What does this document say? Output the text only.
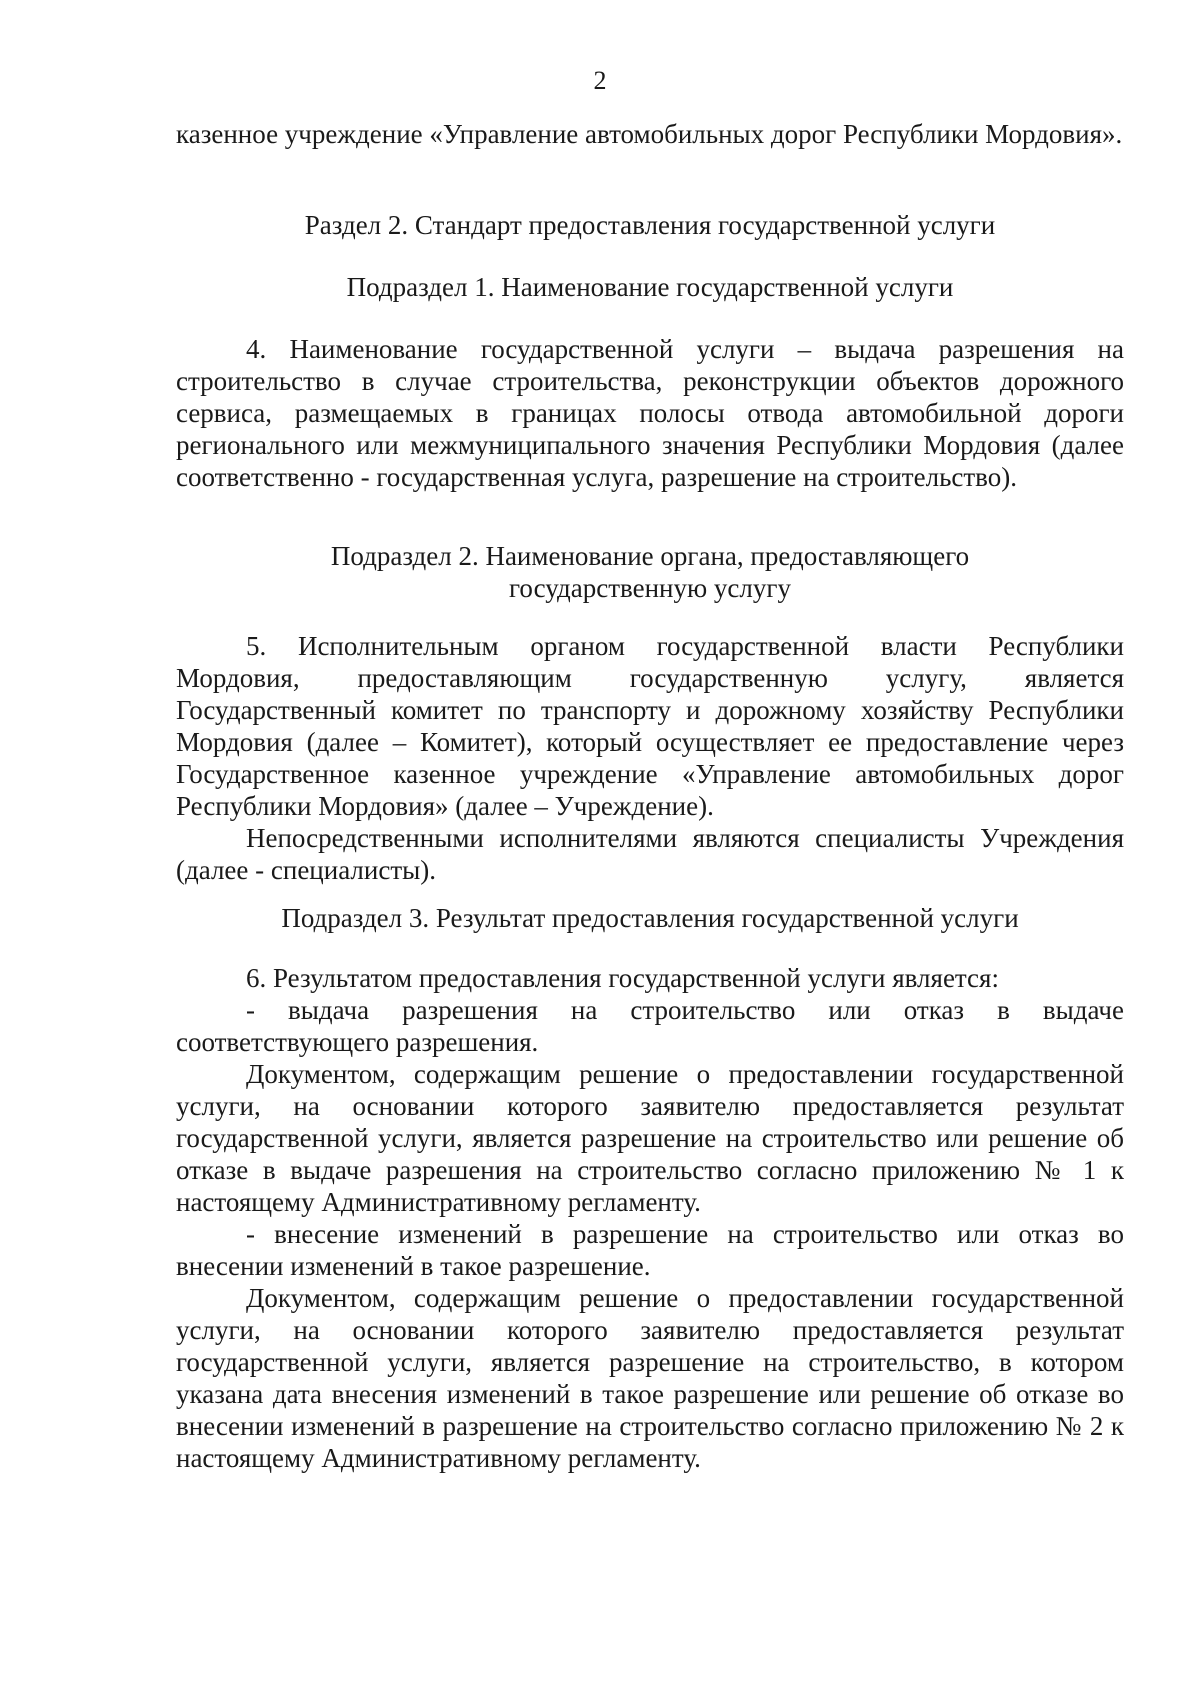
2

казенное учреждение «Управление автомобильных дорог Республики Мордовия».

Раздел 2. Стандарт предоставления государственной услуги
Подраздел 1. Наименование государственной услуги

4. Наименование государственной услуги – выдача разрешения на строительство в случае строительства, реконструкции объектов дорожного сервиса, размещаемых в границах полосы отвода автомобильной дороги регионального или межмуниципального значения Республики Мордовия (далее соответственно - государственная услуга, разрешение на строительство).

Подраздел 2. Наименование органа, предоставляющего
государственную услугу

5. Исполнительным органом государственной власти Республики Мордовия, предоставляющим государственную услугу, является Государственный комитет по транспорту и дорожному хозяйству Республики Мордовия (далее – Комитет), который осуществляет ее предоставление через Государственное казенное учреждение «Управление автомобильных дорог Республики Мордовия» (далее – Учреждение).

Непосредственными исполнителями являются специалисты Учреждения (далее - специалисты).

Подраздел 3. Результат предоставления государственной услуги

6. Результатом предоставления государственной услуги является:

- выдача разрешения на строительство или отказ в выдаче соответствующего разрешения.

Документом, содержащим решение о предоставлении государственной услуги, на основании которого заявителю предоставляется результат государственной услуги, является разрешение на строительство или решение об отказе в выдаче разрешения на строительство согласно приложению № 1 к настоящему Административному регламенту.

- внесение изменений в разрешение на строительство или отказ во внесении изменений в такое разрешение.

Документом, содержащим решение о предоставлении государственной услуги, на основании которого заявителю предоставляется результат государственной услуги, является разрешение на строительство, в котором указана дата внесения изменений в такое разрешение или решение об отказе во внесении изменений в разрешение на строительство согласно приложению № 2 к настоящему Административному регламенту.
